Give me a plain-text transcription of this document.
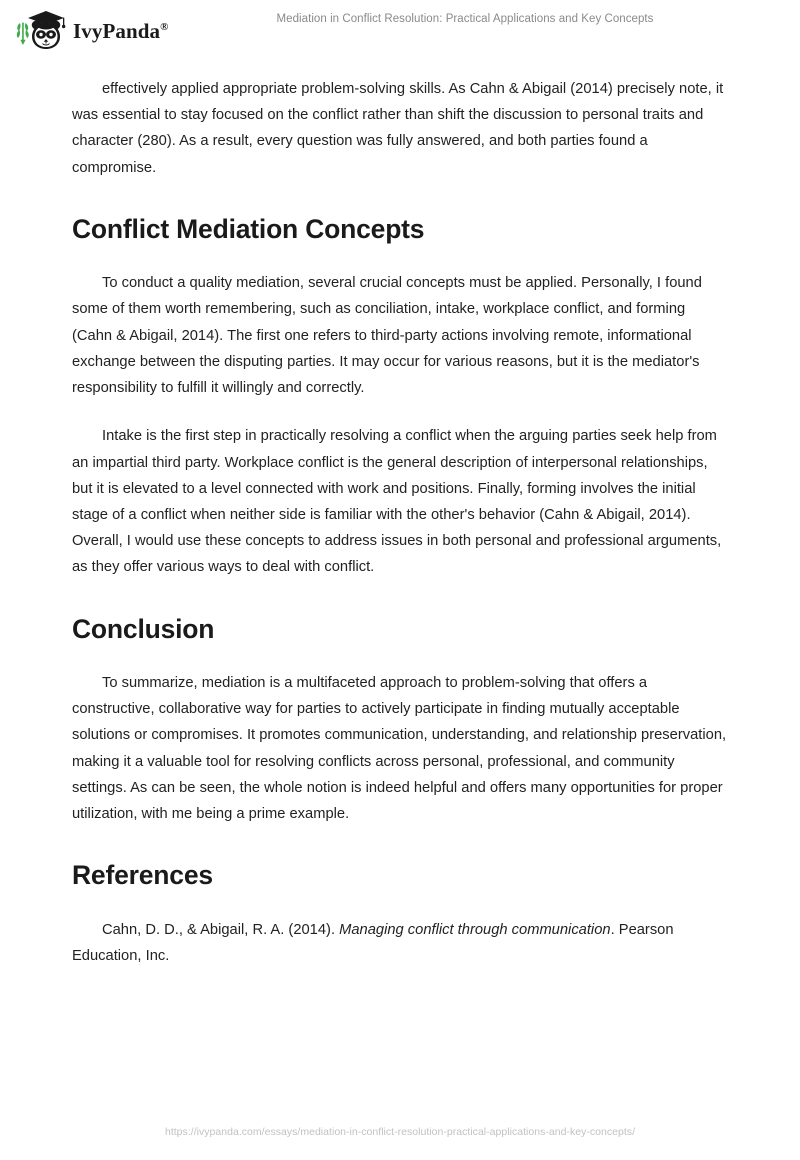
IvyPanda®
Mediation in Conflict Resolution: Practical Applications and Key Concepts

effectively applied appropriate problem-solving skills. As Cahn & Abigail (2014) precisely note, it was essential to stay focused on the conflict rather than shift the discussion to personal traits and character (280). As a result, every question was fully answered, and both parties found a compromise.

Conflict Mediation Concepts

To conduct a quality mediation, several crucial concepts must be applied. Personally, I found some of them worth remembering, such as conciliation, intake, workplace conflict, and forming (Cahn & Abigail, 2014). The first one refers to third-party actions involving remote, informational exchange between the disputing parties. It may occur for various reasons, but it is the mediator's responsibility to fulfill it willingly and correctly.

Intake is the first step in practically resolving a conflict when the arguing parties seek help from an impartial third party. Workplace conflict is the general description of interpersonal relationships, but it is elevated to a level connected with work and positions. Finally, forming involves the initial stage of a conflict when neither side is familiar with the other's behavior (Cahn & Abigail, 2014). Overall, I would use these concepts to address issues in both personal and professional arguments, as they offer various ways to deal with conflict.

Conclusion

To summarize, mediation is a multifaceted approach to problem-solving that offers a constructive, collaborative way for parties to actively participate in finding mutually acceptable solutions or compromises. It promotes communication, understanding, and relationship preservation, making it a valuable tool for resolving conflicts across personal, professional, and community settings. As can be seen, the whole notion is indeed helpful and offers many opportunities for proper utilization, with me being a prime example.

References

Cahn, D. D., & Abigail, R. A. (2014). Managing conflict through communication. Pearson Education, Inc.

https://ivypanda.com/essays/mediation-in-conflict-resolution-practical-applications-and-key-concepts/
